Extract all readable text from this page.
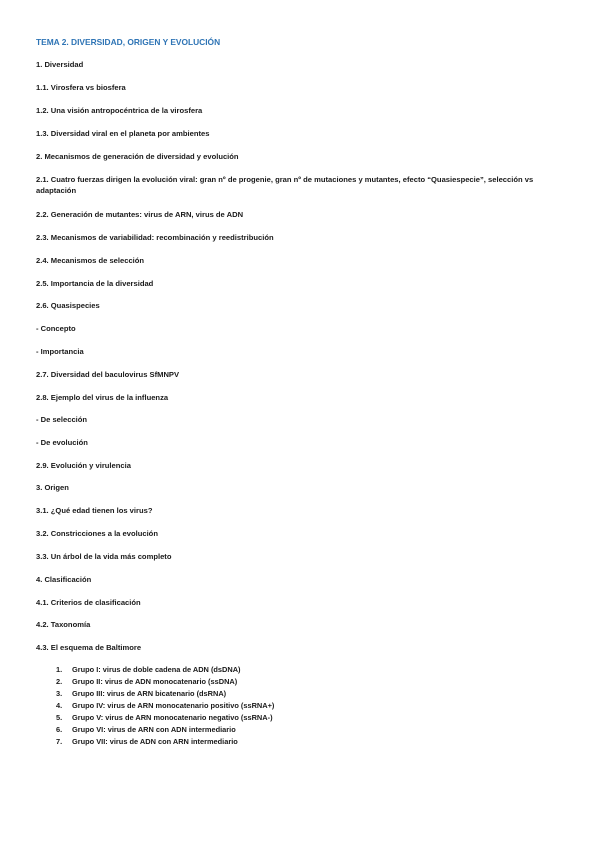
TEMA 2. DIVERSIDAD, ORIGEN Y EVOLUCIÓN
1. Diversidad
1.1. Virosfera vs biosfera
1.2. Una visión antropocéntrica de la virosfera
1.3. Diversidad viral en el planeta por ambientes
2. Mecanismos de generación de diversidad y evolución
2.1. Cuatro fuerzas dirigen la evolución viral: gran nº de progenie, gran nº de mutaciones y mutantes, efecto “Quasiespecie”, selección vs adaptación
2.2. Generación de mutantes: virus de ARN, virus de ADN
2.3. Mecanismos de variabilidad: recombinación y reedistribución
2.4. Mecanismos de selección
2.5. Importancia de la diversidad
2.6. Quasispecies
- Concepto
- Importancia
2.7. Diversidad del baculovirus SfMNPV
2.8. Ejemplo del virus de la influenza
- De selección
- De evolución
2.9. Evolución y virulencia
3. Origen
3.1. ¿Qué edad tienen los virus?
3.2. Constricciones a la evolución
3.3. Un árbol de la vida más completo
4. Clasificación
4.1. Criterios de clasificación
4.2. Taxonomía
4.3. El esquema de Baltimore
1. Grupo I: virus de doble cadena de ADN (dsDNA)
2. Grupo II: virus de ADN monocatenario (ssDNA)
3. Grupo III: virus de ARN bicatenario (dsRNA)
4. Grupo IV: virus de ARN monocatenario positivo (ssRNA+)
5. Grupo V: virus de ARN monocatenario negativo (ssRNA-)
6. Grupo VI: virus de ARN con ADN intermediario
7. Grupo VII: virus de ADN con ARN intermediario
